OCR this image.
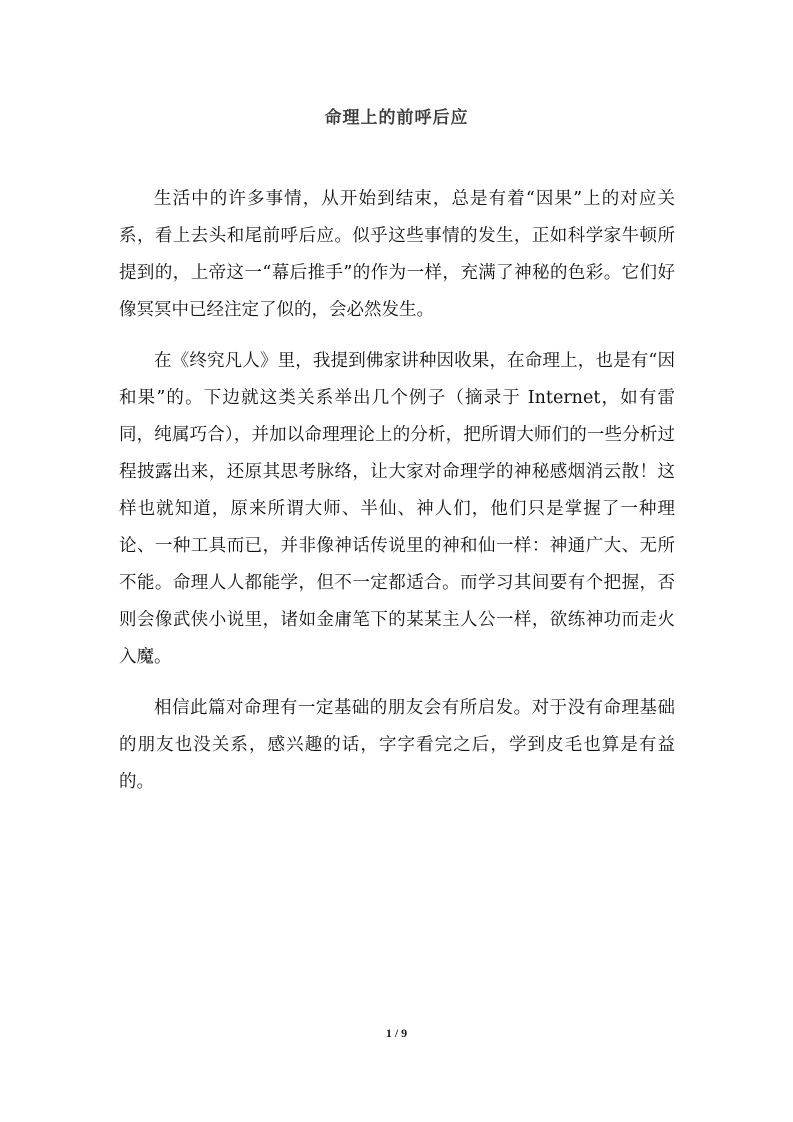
命理上的前呼后应

生活中的许多事情，从开始到结束，总是有着“因果”上的对应关系，看上去头和尾前呼后应。似乎这些事情的发生，正如科学家牛顿所提到的，上帝这一“幕后推手”的作为一样，充满了神秘的色彩。它们好像冥冥中已经注定了似的，会必然发生。

在《终究凡人》里，我提到佛家讲种因收果，在命理上，也是有“因和果”的。下边就这类关系举出几个例子（摘录于 Internet，如有雷同，纯属巧合），并加以命理理论上的分析，把所谓大师们的一些分析过程披露出来，还原其思考脉络，让大家对命理学的神秘感烟消云散！这样也就知道，原来所谓大师、半仙、神人们，他们只是掌握了一种理论、一种工具而已，并非像神话传说里的神和仙一样：神通广大、无所不能。命理人人都能学，但不一定都适合。而学习其间要有个把握，否则会像武侠小说里，诸如金庸笔下的某某主人公一样，欲练神功而走火入魔。

相信此篇对命理有一定基础的朋友会有所启发。对于没有命理基础的朋友也没关系，感兴趣的话，字字看完之后，学到皮毛也算是有益的。

1 / 9
